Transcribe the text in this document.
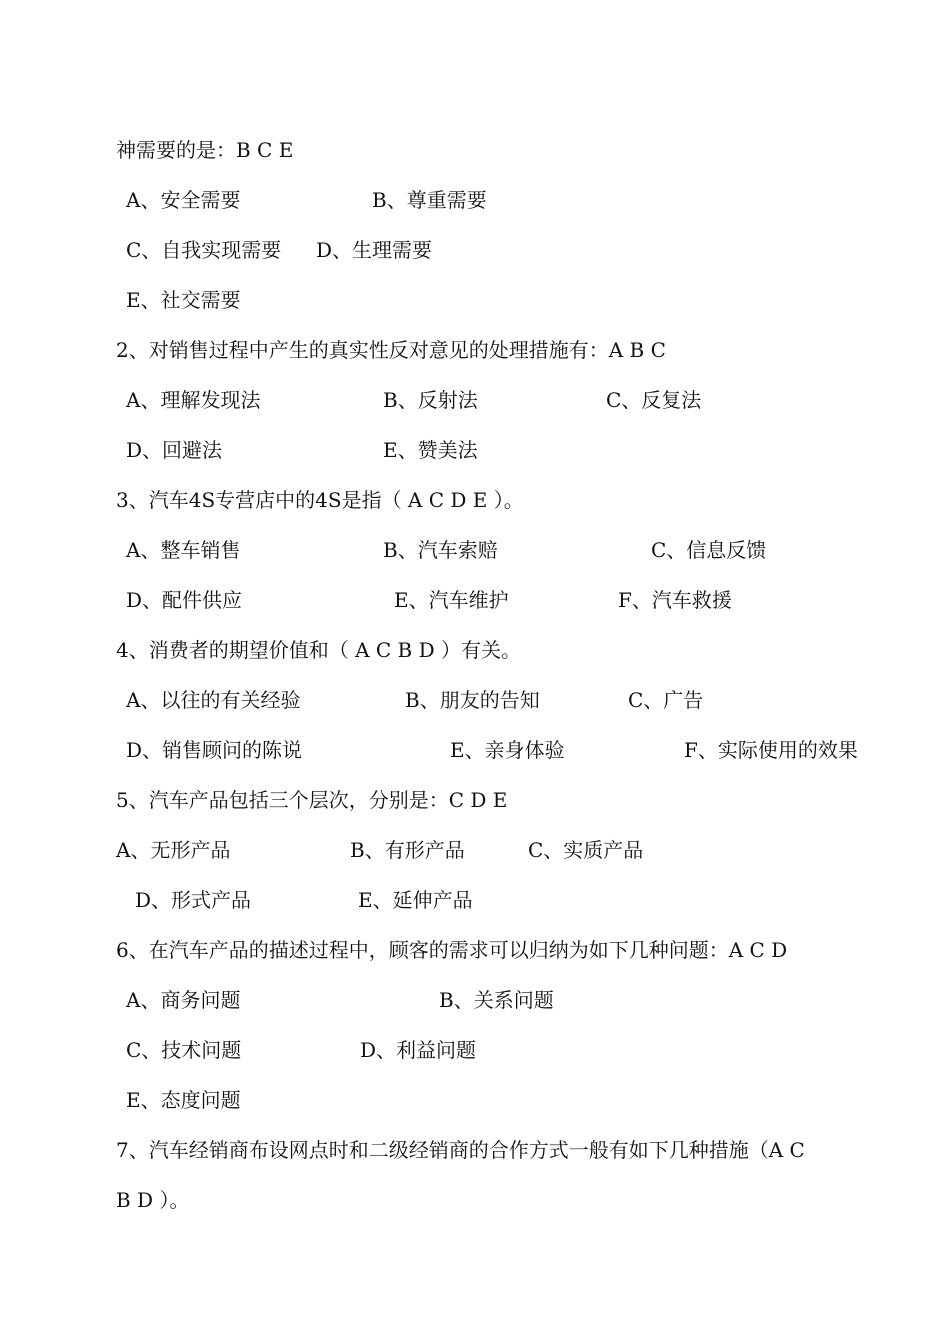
神需要的是：B C E
A、安全需要	B、尊重需要
C、自我实现需要 D、生理需要
E、社交需要
2、对销售过程中产生的真实性反对意见的处理措施有：A B C
A、理解发现法	B、反射法	C、反复法
D、回避法	E、赞美法
3、汽车4S专营店中的4S是指（ A C D E ）。
A、整车销售	B、汽车索赔	C、信息反馈
D、配件供应	E、汽车维护	F、汽车救援
4、消费者的期望价值和（ A C B D ）有关。
A、以往的有关经验	B、朋友的告知	C、广告
D、销售顾问的陈说	E、亲身体验	F、实际使用的效果
5、汽车产品包括三个层次，分别是：C D E
A、无形产品	B、有形产品	C、实质产品
D、形式产品	E、延伸产品
6、在汽车产品的描述过程中，顾客的需求可以归纳为如下几种问题：A C D
A、商务问题	B、关系问题
C、技术问题	D、利益问题
E、态度问题
7、汽车经销商布设网点时和二级经销商的合作方式一般有如下几种措施（A C
B D ）。
